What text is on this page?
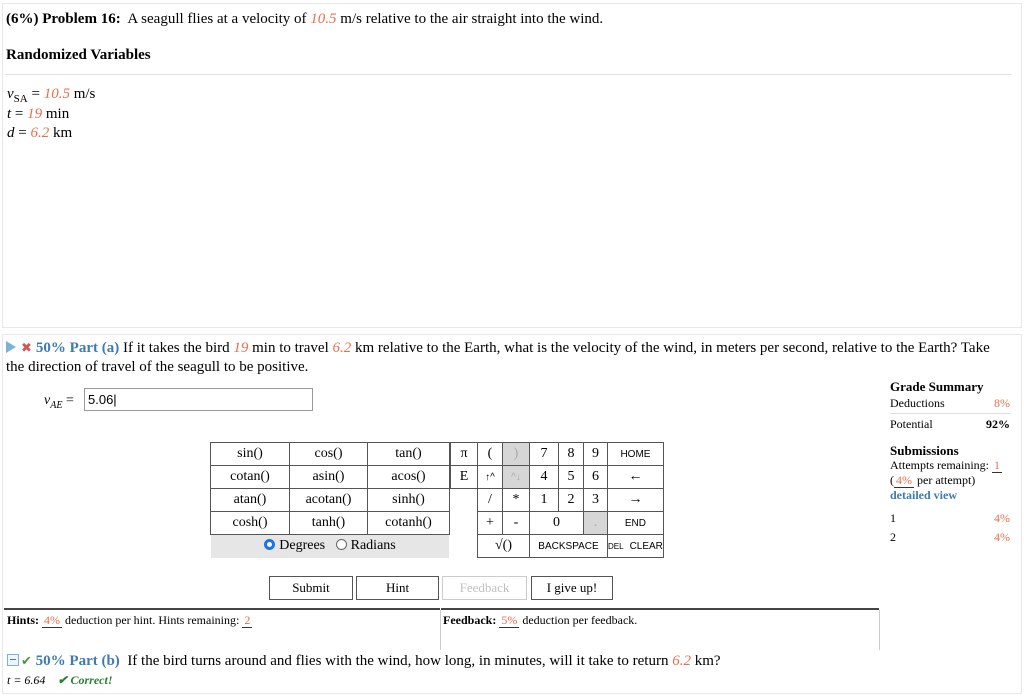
(6%) Problem 16: A seagull flies at a velocity of 10.5 m/s relative to the air straight into the wind.
Randomized Variables
$v_{SA} = 10.5$ m/s
t = 19 min
d = 6.2 km
✖ 50% Part (a) If it takes the bird 19 min to travel 6.2 km relative to the Earth, what is the velocity of the wind, in meters per second, relative to the Earth? Take the direction of travel of the seagull to be positive.
$v_{AE}$ =	5.06|
sin()	cos()	tan()
cotan()	asin()	acos()
atan()	acotan()	sinh()
cosh()	tanh()	cotanh()
Degrees Radians
π	(	)	7	8	9	HOME
E	↑^	^↓	4	5	6	←
	/	*	1	2	3	→
	+	-	0		.	END
	√()		BACKSPACE			DEL CLEAR
Submit	Hint	Feedback	I give up!
Hints: 4% deduction per hint. Hints remaining: 2	Feedback: 5% deduction per feedback.
✔ 50% Part (b) If the bird turns around and flies with the wind, how long, in minutes, will it take to return 6.2 km?
t = 6.64 ✔ Correct!
Grade Summary
Deductions	8%
Potential	92%
Submissions
Attempts remaining: 1
( 4% per attempt)
detailed view
1	4%
2	4%
